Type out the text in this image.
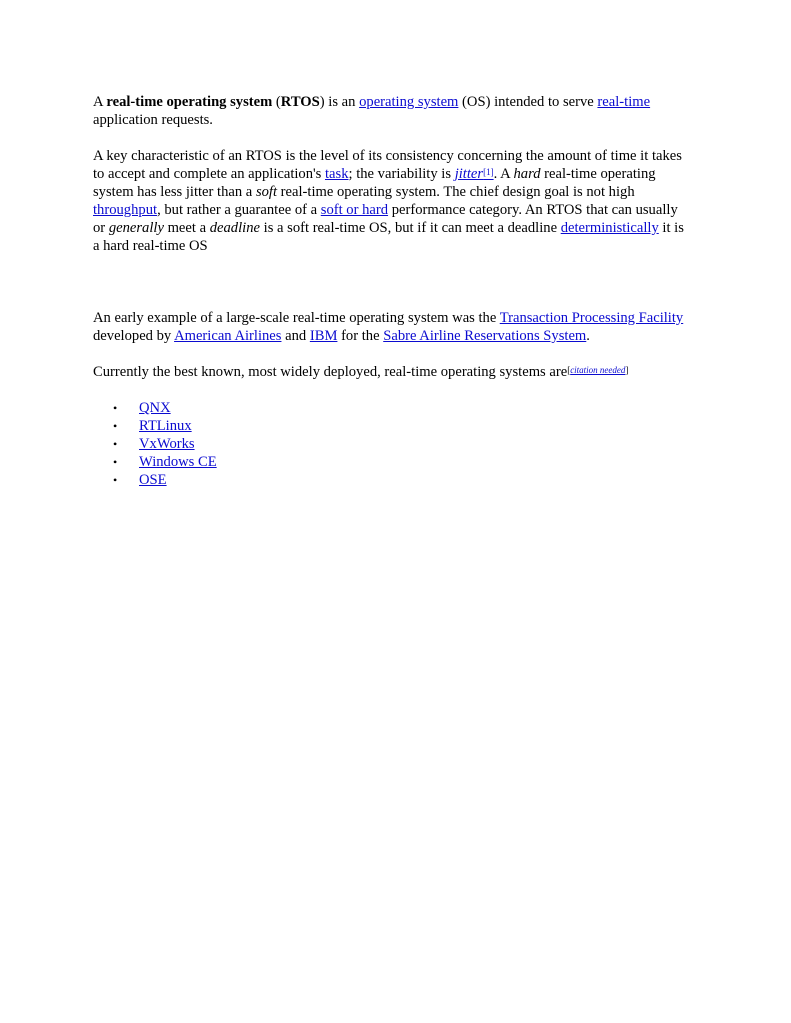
A real-time operating system (RTOS) is an operating system (OS) intended to serve real-time application requests.

A key characteristic of an RTOS is the level of its consistency concerning the amount of time it takes to accept and complete an application's task; the variability is jitter[1]. A hard real-time operating system has less jitter than a soft real-time operating system. The chief design goal is not high throughput, but rather a guarantee of a soft or hard performance category. An RTOS that can usually or generally meet a deadline is a soft real-time OS, but if it can meet a deadline deterministically it is a hard real-time OS

An early example of a large-scale real-time operating system was the Transaction Processing Facility developed by American Airlines and IBM for the Sabre Airline Reservations System.

Currently the best known, most widely deployed, real-time operating systems are[citation needed]

• QNX
• RTLinux
• VxWorks
• Windows CE
• OSE
